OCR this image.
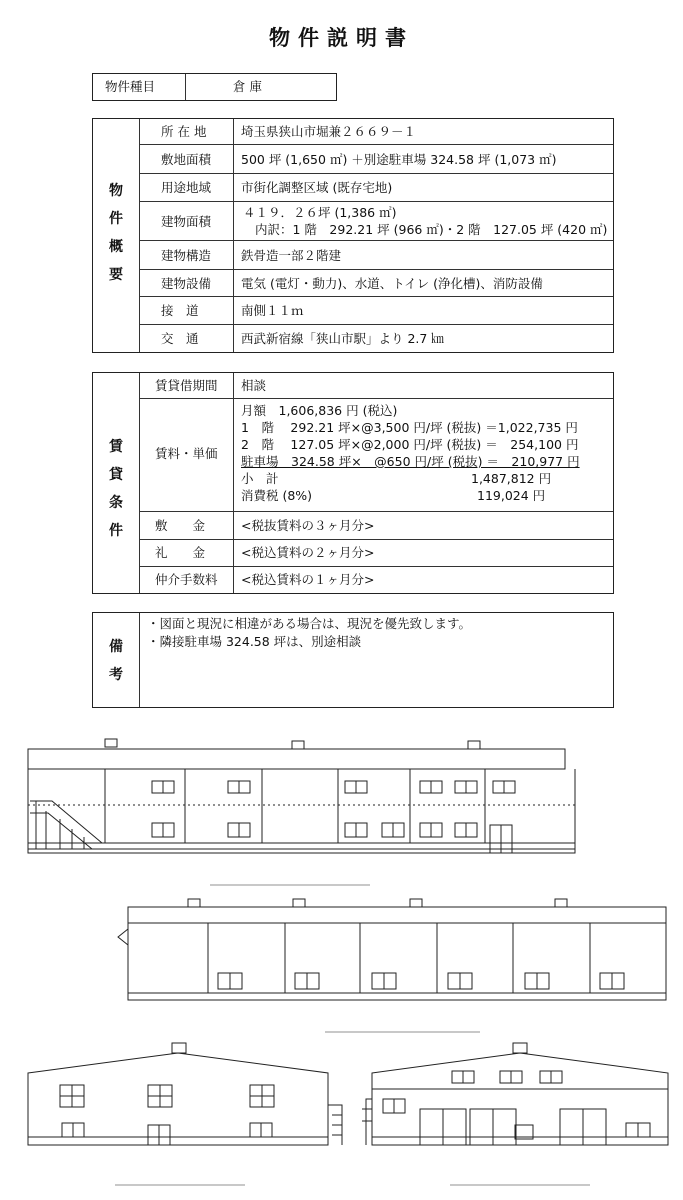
物件説明書
物件種目	倉 庫
物
件
概
要
所 在 地	埼玉県狭山市堀兼２６６９－１
敷地面積 500 坪 (1,650 ㎡) ＋別途駐車場 324.58 坪 (1,073 ㎡)
用途地域 市街化調整区域 (既存宅地)
建物面積
４１９．２６坪 (1,386 ㎡)
内訳：1 階　292.21 坪 (966 ㎡)・2 階　127.05 坪 (420 ㎡)
建物構造 鉄骨造一部２階建
建物設備 電気 (電灯・動力)、水道、トイレ (浄化槽)、消防設備
接　道	南側１１ｍ
交　通	西武新宿線「狭山市駅」より 2.7 ㎞
賃
貸
条
件
賃貸借期間 相談
賃料・単価
月額　1,606,836 円 (税込)
1　階　 292.21 坪×@3,500 円/坪 (税抜) ＝1,022,735 円
2　階　 127.05 坪×@2,000 円/坪 (税抜) ＝　254,100 円
駐車場　324.58 坪×　@650 円/坪 (税抜) ＝　210,977 円
小　計	1,487,812 円
消費税 (8%)	119,024 円
敷　　金	<税抜賃料の３ヶ月分>
礼　　金	<税込賃料の２ヶ月分>
仲介手数料 <税込賃料の１ヶ月分>
備
考
・図面と現況に相違がある場合は、現況を優先致します。
・隣接駐車場 324.58 坪は、別途相談
